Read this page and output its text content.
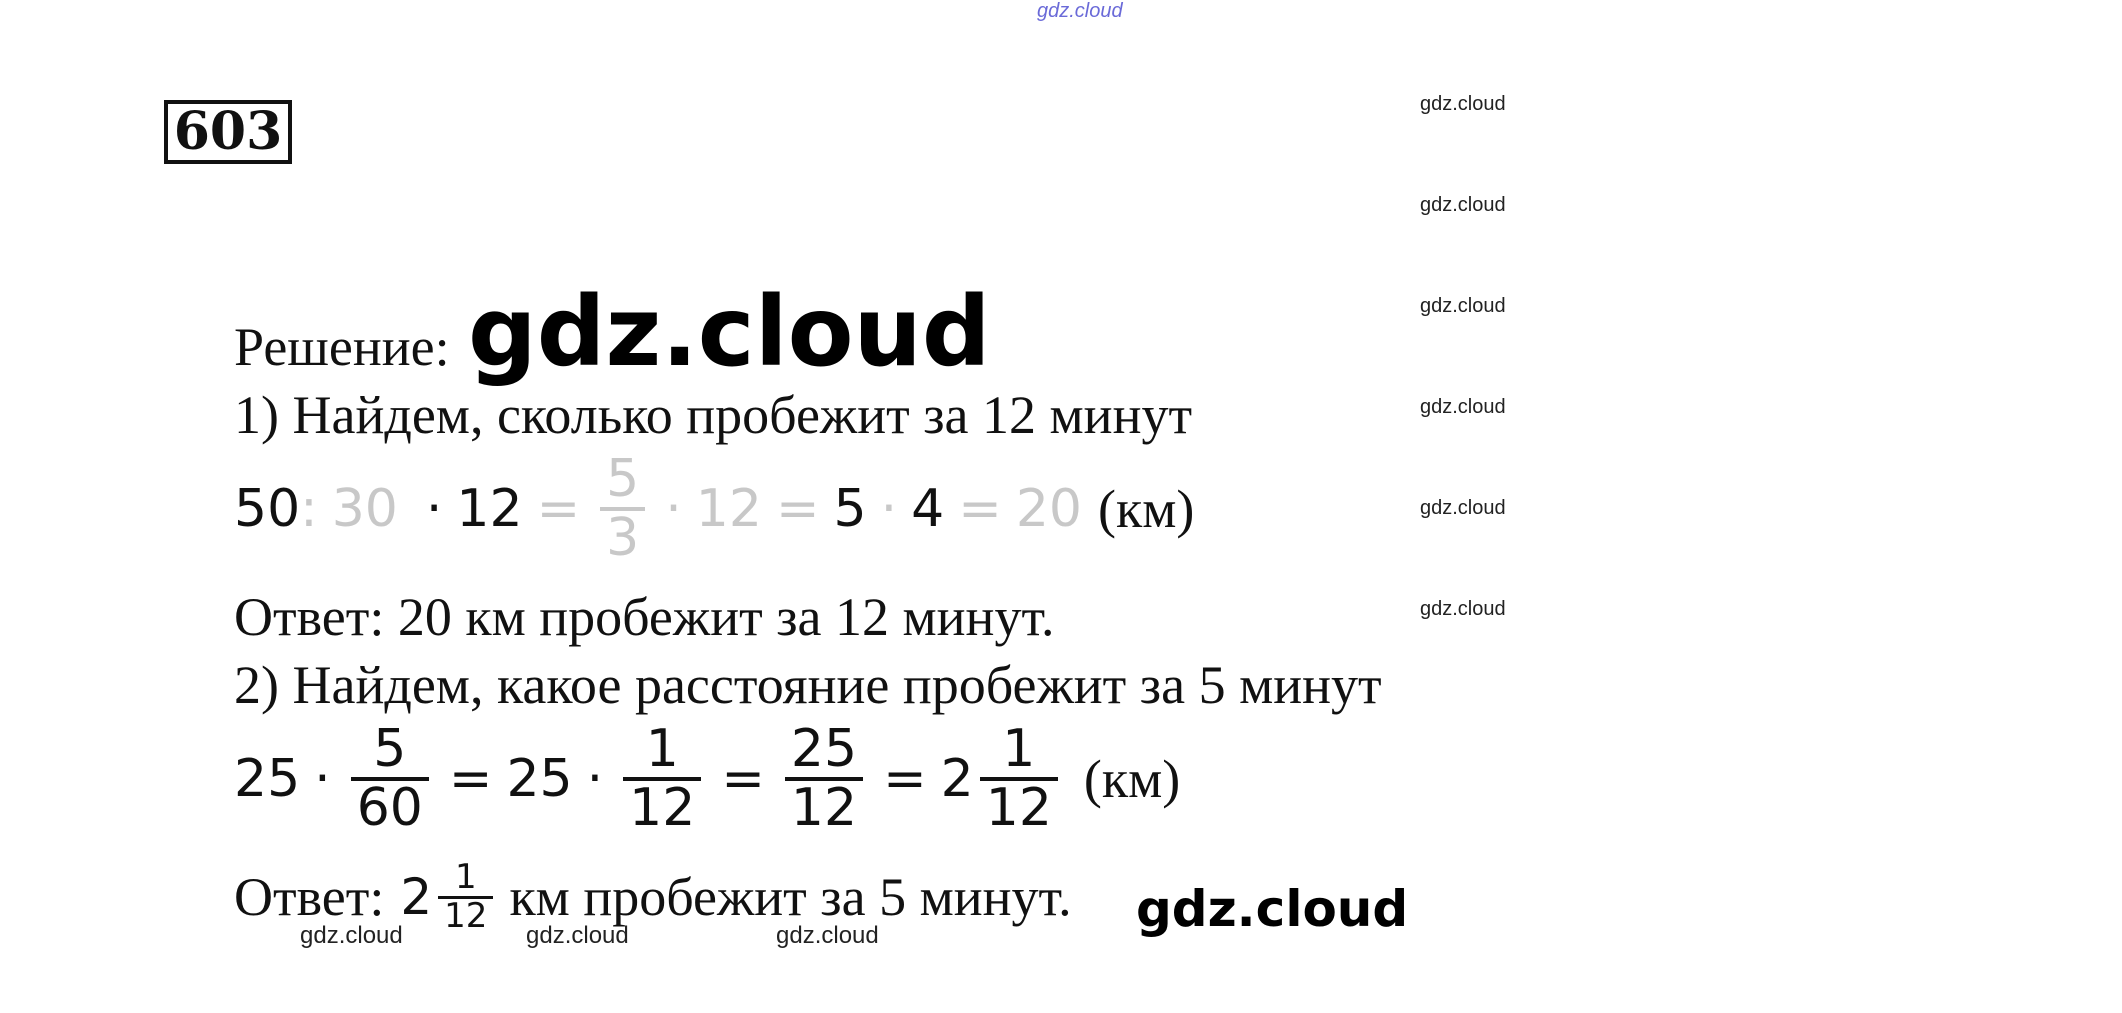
gdz.cloud
603	gdz.cloud
gdz.cloud
gdz.cloud
gdz.cloud
gdz.cloud
gdz.cloud
Решение: gdz.cloud
1) Найдем, сколько пробежит за 12 минут
50 : $30 \cdot 12 = \frac{5}{3} \cdot 12 = 5 \cdot 4 = 20$ (км)
Ответ: 20 км пробежит за 12 минут.
2) Найдем, какое расстояние пробежит за 5 минут
$25 \cdot \frac{5}{60} = 25 \cdot \frac{1}{12} = \frac{25}{12} = 2 \frac{1}{12} (км)$
Ответ: $2 \frac{1}{12}$ км пробежит за 5 минут. gdz.cloud
gdz.cloud	gdz.cloud	gdz.cloud
